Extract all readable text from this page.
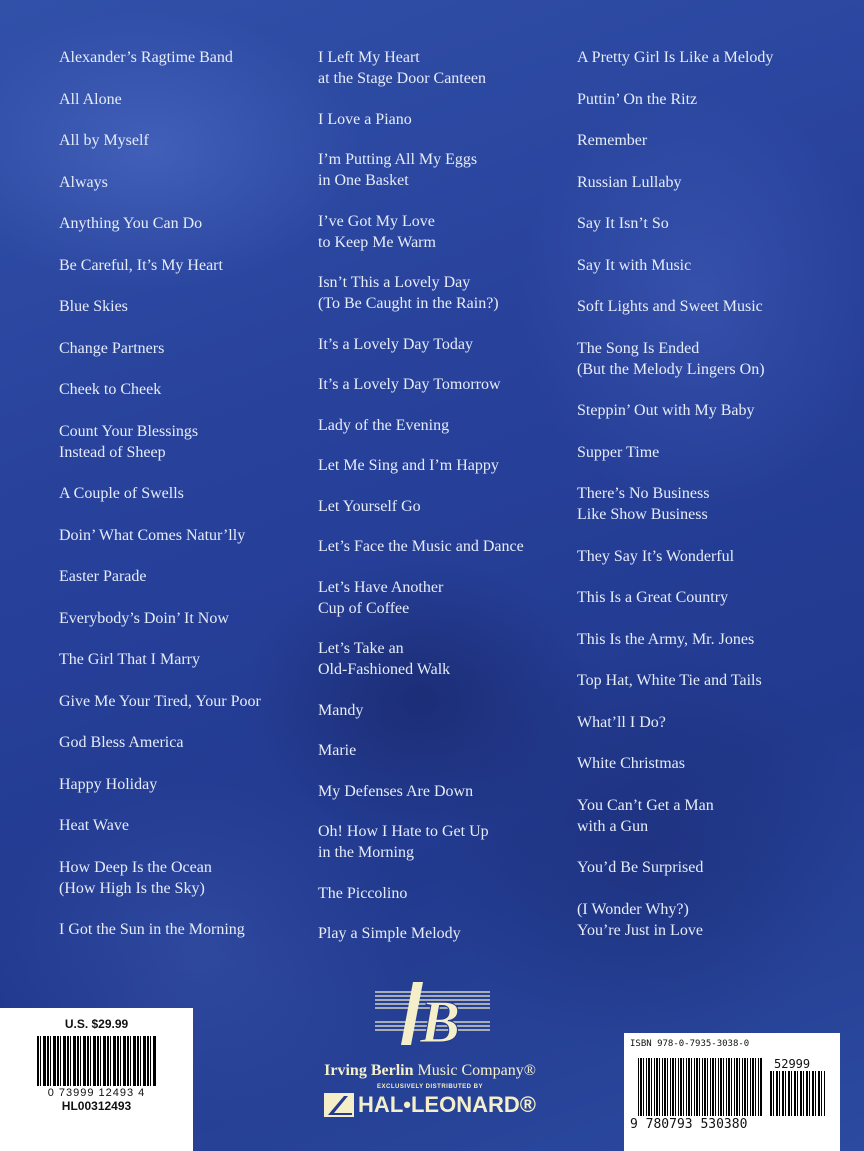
Alexander’s Ragtime Band
All Alone
All by Myself
Always
Anything You Can Do
Be Careful, It’s My Heart
Blue Skies
Change Partners
Cheek to Cheek
Count Your Blessings
Instead of Sheep
A Couple of Swells
Doin’ What Comes Natur’lly
Easter Parade
Everybody’s Doin’ It Now
The Girl That I Marry
Give Me Your Tired, Your Poor
God Bless America
Happy Holiday
Heat Wave
How Deep Is the Ocean
(How High Is the Sky)
I Got the Sun in the Morning
I Left My Heart
at the Stage Door Canteen
I Love a Piano
I’m Putting All My Eggs
in One Basket
I’ve Got My Love
to Keep Me Warm
Isn’t This a Lovely Day
(To Be Caught in the Rain?)
It’s a Lovely Day Today
It’s a Lovely Day Tomorrow
Lady of the Evening
Let Me Sing and I’m Happy
Let Yourself Go
Let’s Face the Music and Dance
Let’s Have Another
Cup of Coffee
Let’s Take an
Old-Fashioned Walk
Mandy
Marie
My Defenses Are Down
Oh! How I Hate to Get Up
in the Morning
The Piccolino
Play a Simple Melody
A Pretty Girl Is Like a Melody
Puttin’ On the Ritz
Remember
Russian Lullaby
Say It Isn’t So
Say It with Music
Soft Lights and Sweet Music
The Song Is Ended
(But the Melody Lingers On)
Steppin’ Out with My Baby
Supper Time
There’s No Business
Like Show Business
They Say It’s Wonderful
This Is a Great Country
This Is the Army, Mr. Jones
Top Hat, White Tie and Tails
What’ll I Do?
White Christmas
You Can’t Get a Man
with a Gun
You’d Be Surprised
(I Wonder Why?)
You’re Just in Love
B
Irving Berlin Music Company®
EXCLUSIVELY DISTRIBUTED BY
HAL•LEONARD®
U.S. $29.99
0 73999 12493 4
HL00312493
ISBN 978-0-7935-3038-0
52999
9 780793 530380
